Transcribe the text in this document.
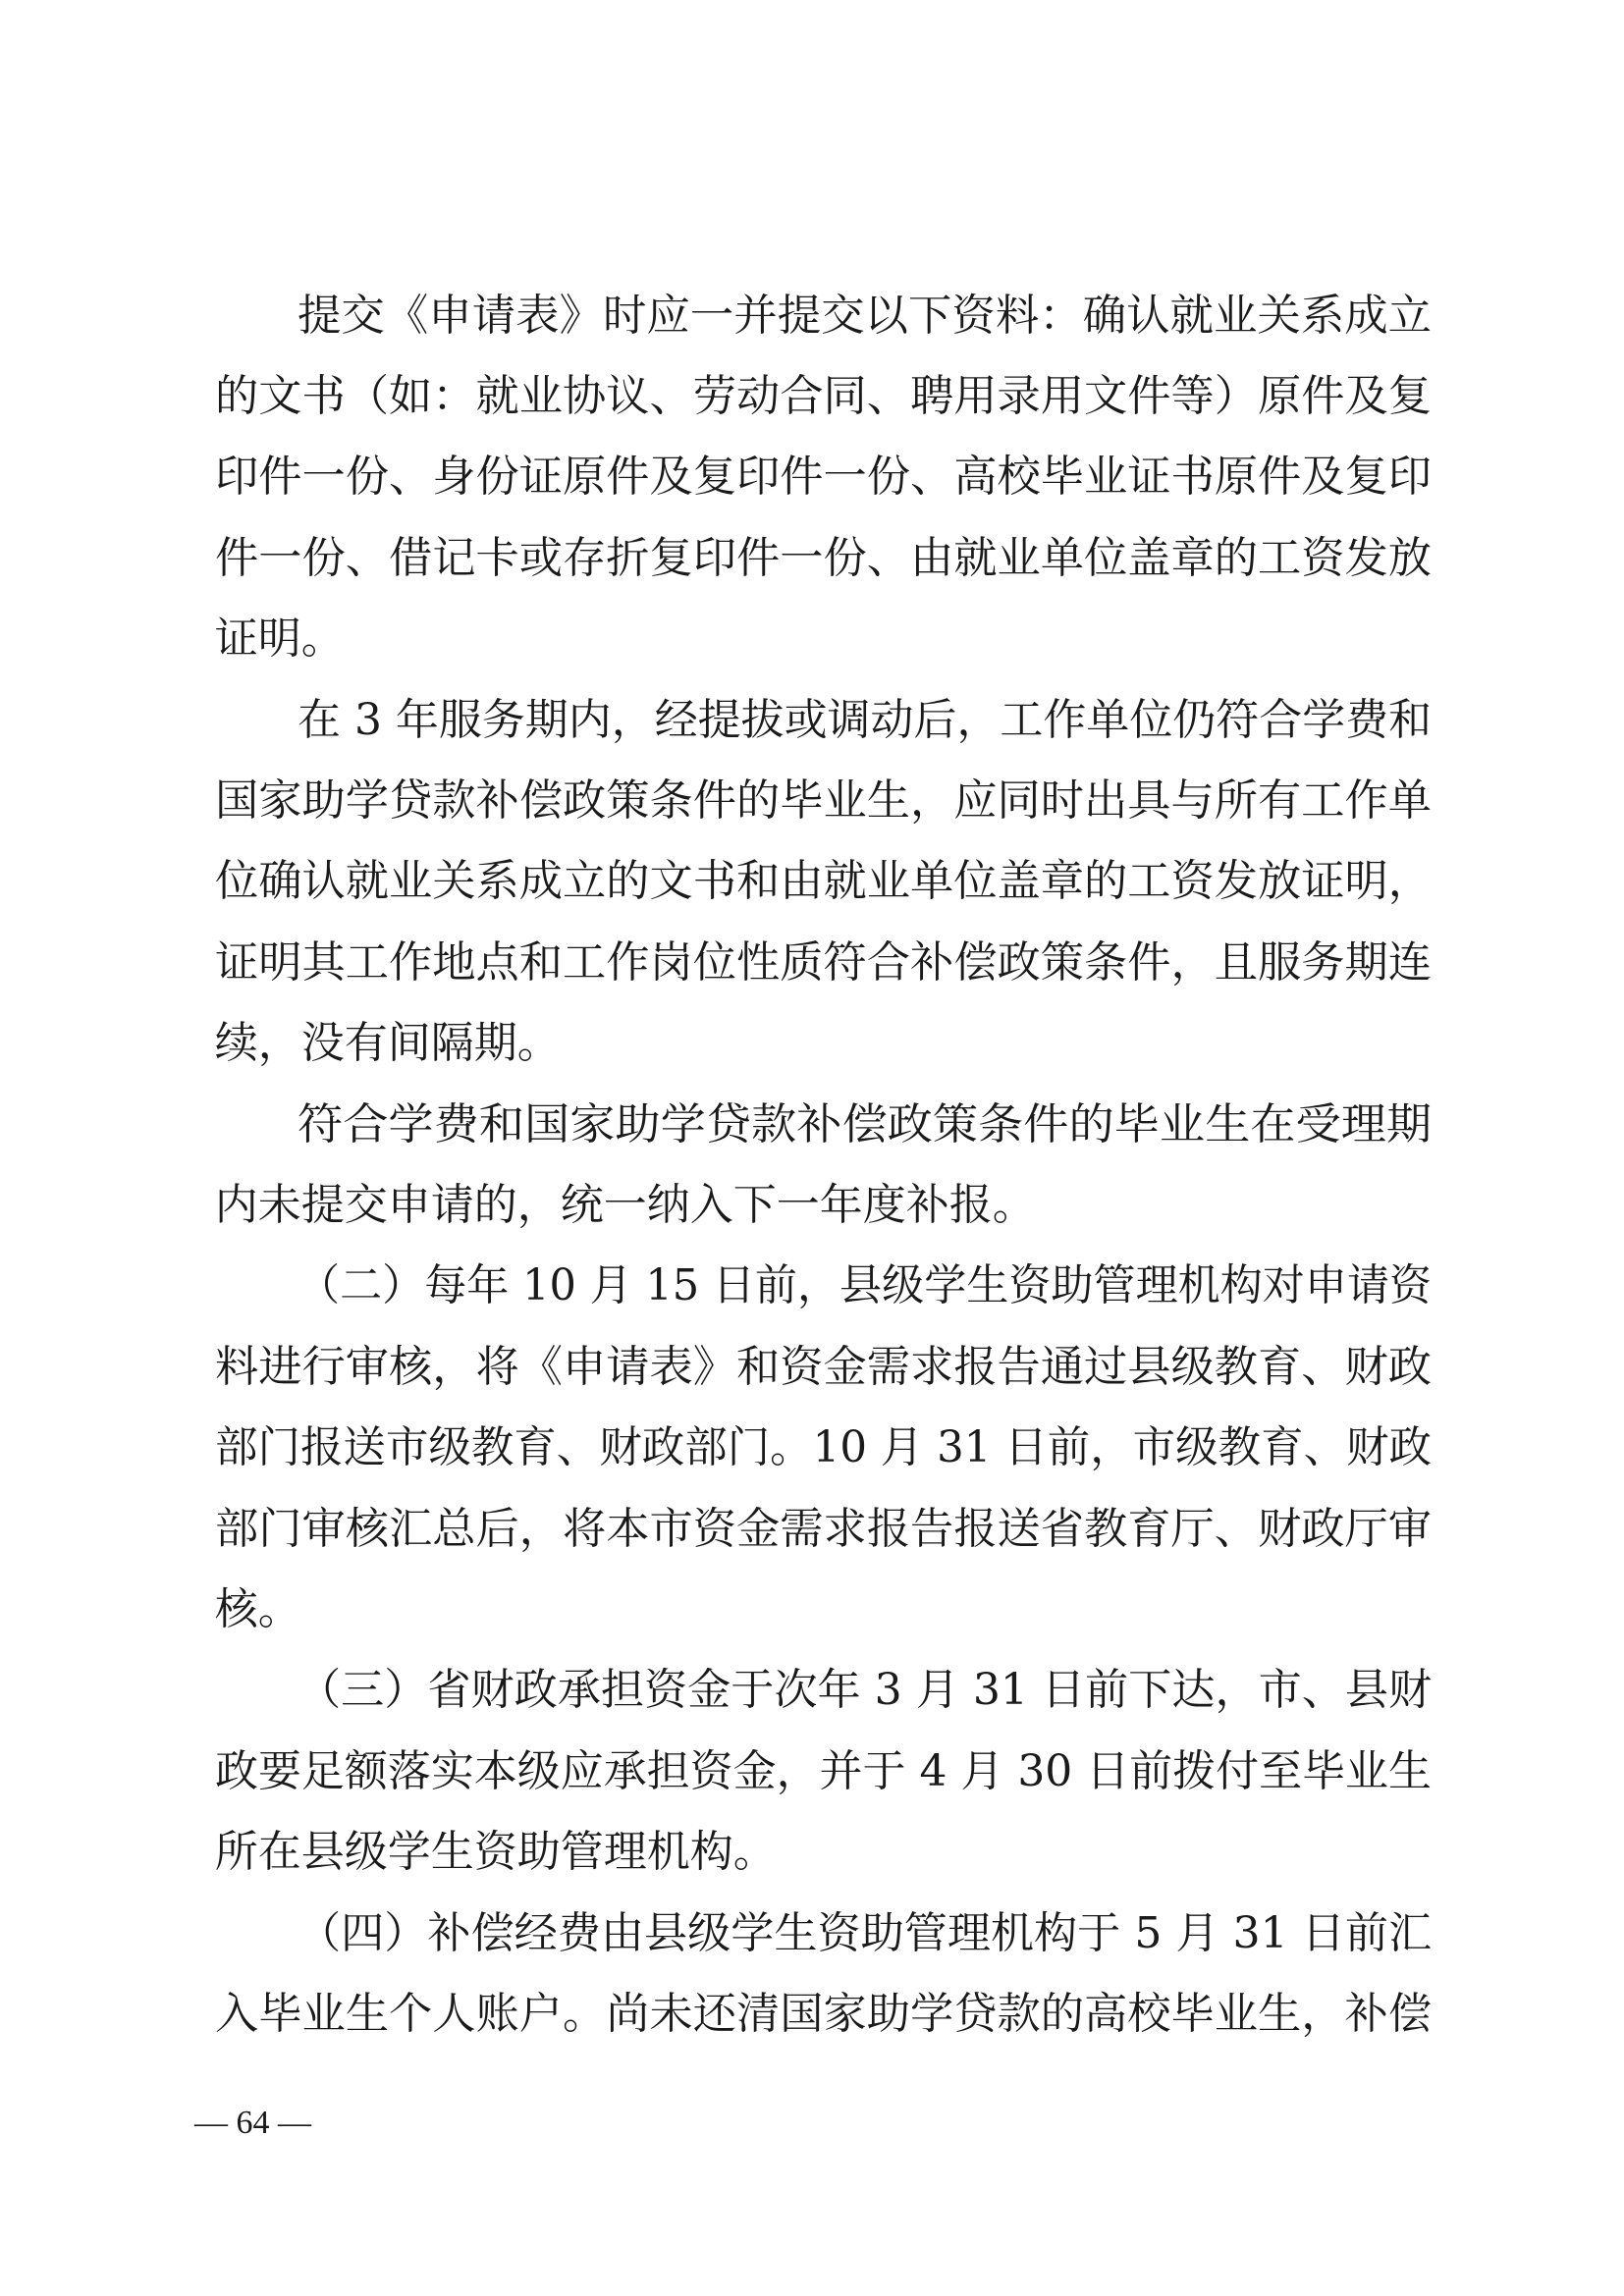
提交《申请表》时应一并提交以下资料：确认就业关系成立
的文书（如：就业协议、劳动合同、聘用录用文件等）原件及复
印件一份、身份证原件及复印件一份、高校毕业证书原件及复印
件一份、借记卡或存折复印件一份、由就业单位盖章的工资发放
证明。
在 3 年服务期内，经提拔或调动后，工作单位仍符合学费和
国家助学贷款补偿政策条件的毕业生，应同时出具与所有工作单
位确认就业关系成立的文书和由就业单位盖章的工资发放证明，
证明其工作地点和工作岗位性质符合补偿政策条件，且服务期连
续，没有间隔期。
符合学费和国家助学贷款补偿政策条件的毕业生在受理期
内未提交申请的，统一纳入下一年度补报。
（二）每年 10 月 15 日前，县级学生资助管理机构对申请资
料进行审核，将《申请表》和资金需求报告通过县级教育、财政
部门报送市级教育、财政部门。10 月 31 日前，市级教育、财政
部门审核汇总后，将本市资金需求报告报送省教育厅、财政厅审
核。
（三）省财政承担资金于次年 3 月 31 日前下达，市、县财
政要足额落实本级应承担资金，并于 4 月 30 日前拨付至毕业生
所在县级学生资助管理机构。
（四）补偿经费由县级学生资助管理机构于 5 月 31 日前汇
入毕业生个人账户。尚未还清国家助学贷款的高校毕业生，补偿
— 64 —
